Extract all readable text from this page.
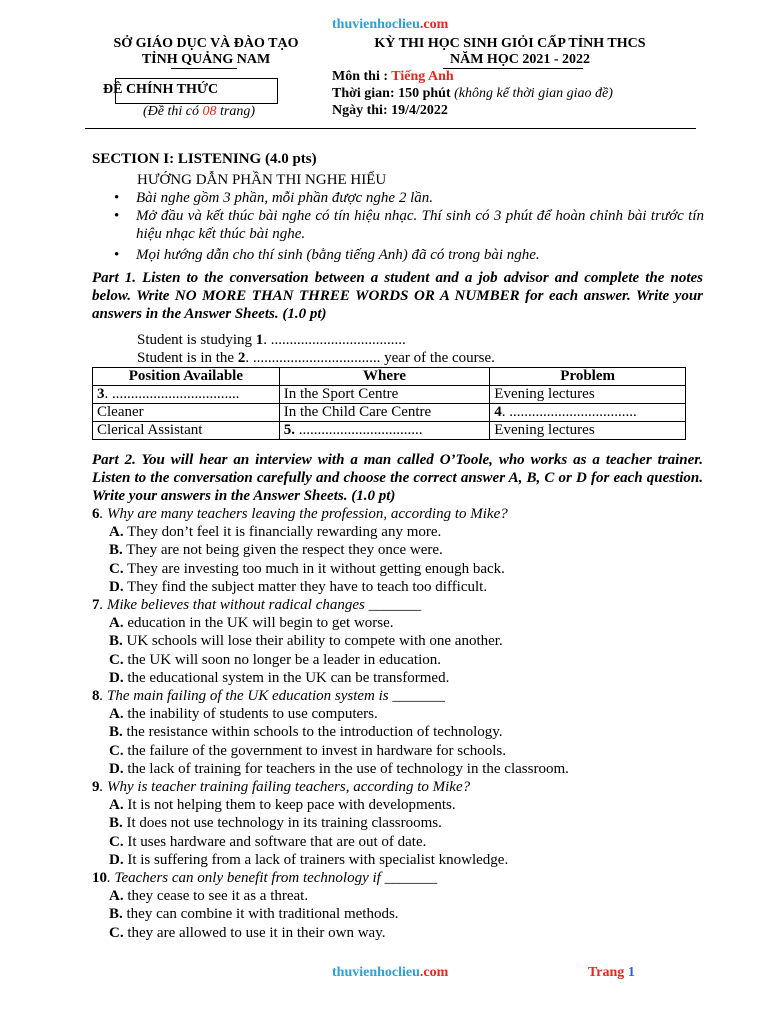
thuvienhoclieu.com
SỞ GIÁO DỤC VÀ ĐÀO TẠO
TỈNH QUẢNG NAM
ĐỀ CHÍNH THỨC
(Đề thi có 08 trang)
KỲ THI HỌC SINH GIỎI CẤP TỈNH THCS
NĂM HỌC 2021 - 2022
Môn thi : Tiếng Anh
Thời gian: 150 phút (không kể thời gian giao đề)
Ngày thi: 19/4/2022
SECTION I: LISTENING (4.0 pts)
HƯỚNG DẪN PHẦN THI NGHE HIỂU
• Bài nghe gồm 3 phần, mỗi phần được nghe 2 lần.
• Mở đầu và kết thúc bài nghe có tín hiệu nhạc. Thí sinh có 3 phút để hoàn chỉnh bài trước tín hiệu nhạc kết thúc bài nghe.
• Mọi hướng dẫn cho thí sinh (bằng tiếng Anh) đã có trong bài nghe.
Part 1. Listen to the conversation between a student and a job advisor and complete the notes below. Write NO MORE THAN THREE WORDS OR A NUMBER for each answer. Write your answers in the Answer Sheets. (1.0 pt)
Student is studying 1. ....................................
Student is in the 2. .................................. year of the course.
Position Available	Where	Problem
3. ..................................	In the Sport Centre	Evening lectures
Cleaner	In the Child Care Centre	4. ..................................
Clerical Assistant	5. .................................	Evening lectures
Part 2. You will hear an interview with a man called O’Toole, who works as a teacher trainer. Listen to the conversation carefully and choose the correct answer A, B, C or D for each question. Write your answers in the Answer Sheets. (1.0 pt)
6. Why are many teachers leaving the profession, according to Mike?
A. They don’t feel it is financially rewarding any more.
B. They are not being given the respect they once were.
C. They are investing too much in it without getting enough back.
D. They find the subject matter they have to teach too difficult.
7. Mike believes that without radical changes _______
A. education in the UK will begin to get worse.
B. UK schools will lose their ability to compete with one another.
C. the UK will soon no longer be a leader in education.
D. the educational system in the UK can be transformed.
8. The main failing of the UK education system is _______
A. the inability of students to use computers.
B. the resistance within schools to the introduction of technology.
C. the failure of the government to invest in hardware for schools.
D. the lack of training for teachers in the use of technology in the classroom.
9. Why is teacher training failing teachers, according to Mike?
A. It is not helping them to keep pace with developments.
B. It does not use technology in its training classrooms.
C. It uses hardware and software that are out of date.
D. It is suffering from a lack of trainers with specialist knowledge.
10. Teachers can only benefit from technology if _______
A. they cease to see it as a threat.
B. they can combine it with traditional methods.
C. they are allowed to use it in their own way.
thuvienhoclieu.com	Trang 1
